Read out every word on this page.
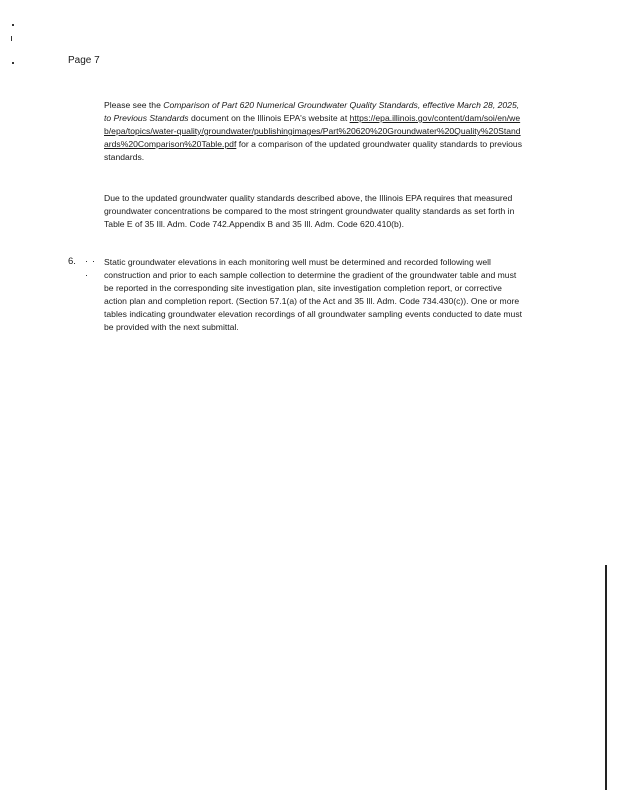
Page 7

Please see the Comparison of Part 620 Numerical Groundwater Quality Standards, effective March 28, 2025, to Previous Standards document on the Illinois EPA's website at https://epa.illinois.gov/content/dam/soi/en/web/epa/topics/water-quality/groundwater/publishingimages/Part%20620%20Groundwater%20Quality%20Standards%20Comparison%20Table.pdf for a comparison of the updated groundwater quality standards to previous standards.

Due to the updated groundwater quality standards described above, the Illinois EPA requires that measured groundwater concentrations be compared to the most stringent groundwater quality standards as set forth in Table E of 35 Ill. Adm. Code 742.Appendix B and 35 Ill. Adm. Code 620.410(b).

6.	Static groundwater elevations in each monitoring well must be determined and recorded following well construction and prior to each sample collection to determine the gradient of the groundwater table and must be reported in the corresponding site investigation plan, site investigation completion report, or corrective action plan and completion report. (Section 57.1(a) of the Act and 35 Ill. Adm. Code 734.430(c)). One or more tables indicating groundwater elevation recordings of all groundwater sampling events conducted to date must be provided with the next submittal.
